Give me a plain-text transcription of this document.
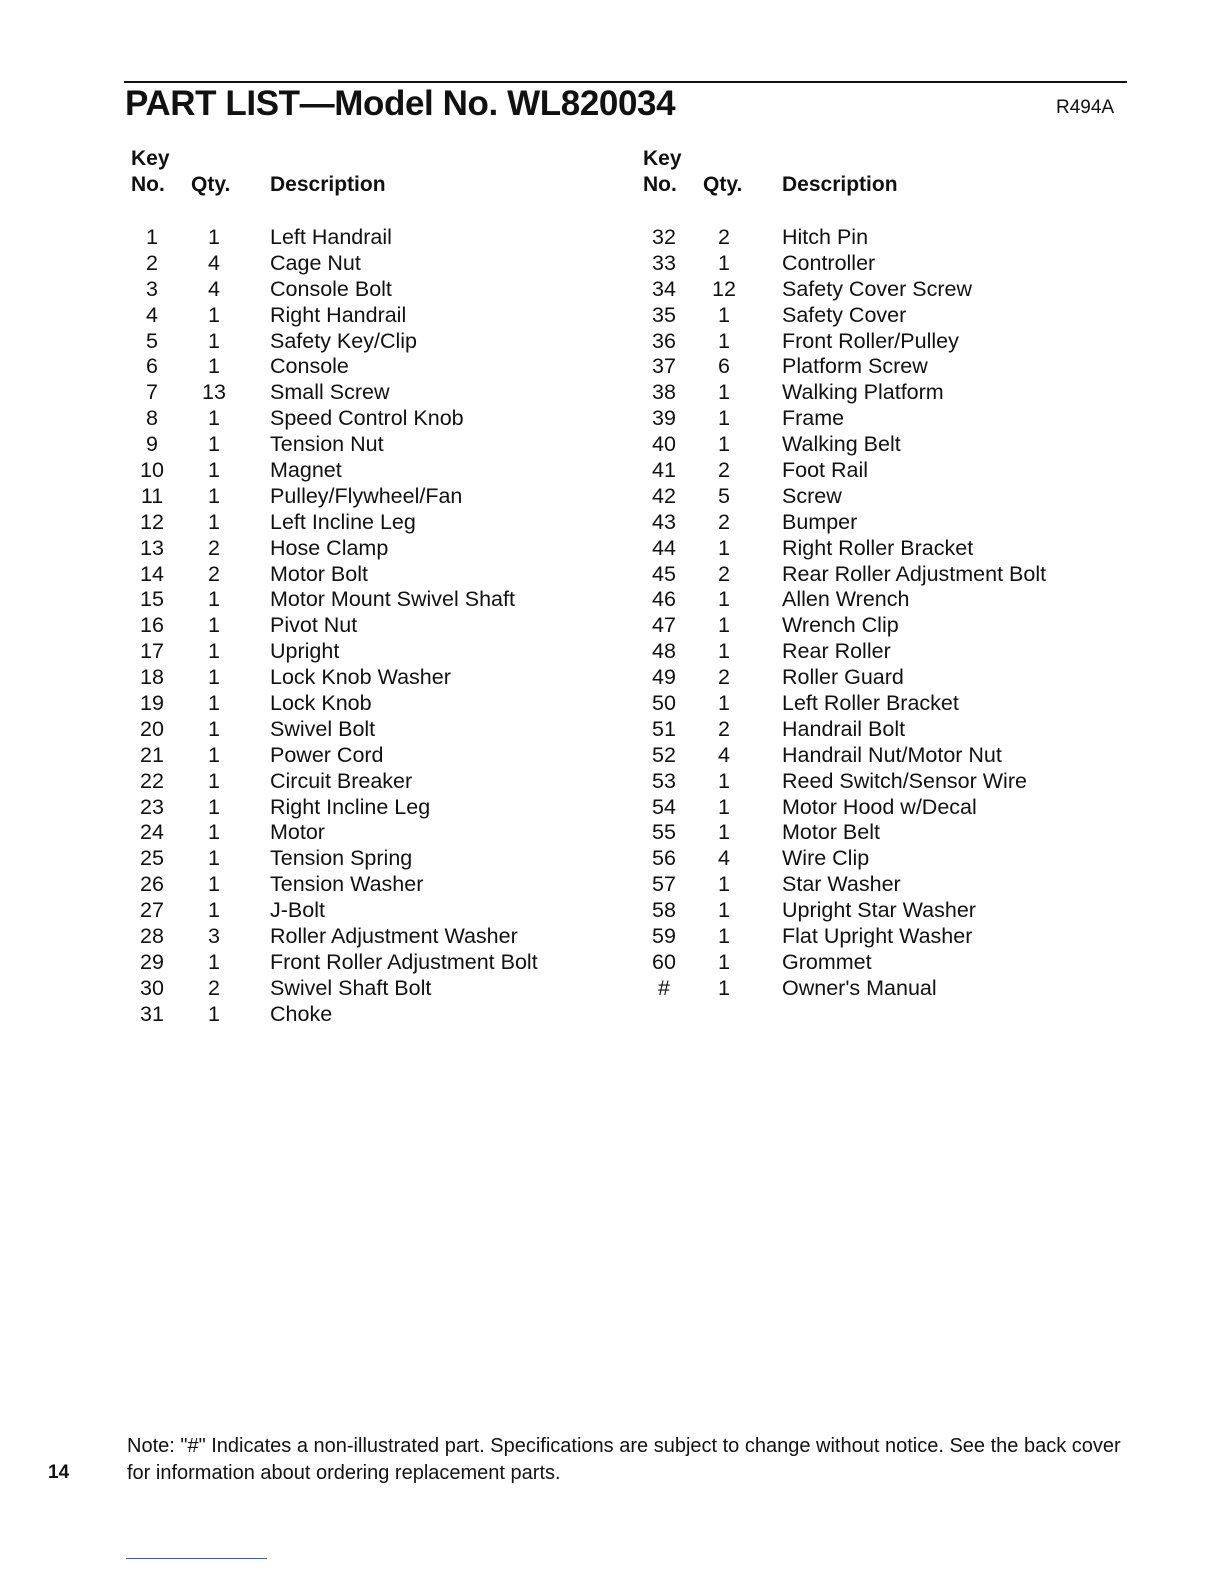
PART LIST—Model No. WL820034	R494A
Key
No. Qty. Description
1	1	Left Handrail
2	4	Cage Nut
3	4	Console Bolt
4	1	Right Handrail
5	1	Safety Key/Clip
6	1	Console
7	13	Small Screw
8	1	Speed Control Knob
9	1	Tension Nut
10	1	Magnet
11	1	Pulley/Flywheel/Fan
12	1	Left Incline Leg
13	2	Hose Clamp
14	2	Motor Bolt
15	1	Motor Mount Swivel Shaft
16	1	Pivot Nut
17	1	Upright
18	1	Lock Knob Washer
19	1	Lock Knob
20	1	Swivel Bolt
21	1	Power Cord
22	1	Circuit Breaker
23	1	Right Incline Leg
24	1	Motor
25	1	Tension Spring
26	1	Tension Washer
27	1	J-Bolt
28	3	Roller Adjustment Washer
29	1	Front Roller Adjustment Bolt
30	2	Swivel Shaft Bolt
31	1	Choke
Key
No. Qty. Description
32	2	Hitch Pin
33	1	Controller
34	12	Safety Cover Screw
35	1	Safety Cover
36	1	Front Roller/Pulley
37	6	Platform Screw
38	1	Walking Platform
39	1	Frame
40	1	Walking Belt
41	2	Foot Rail
42	5	Screw
43	2	Bumper
44	1	Right Roller Bracket
45	2	Rear Roller Adjustment Bolt
46	1	Allen Wrench
47	1	Wrench Clip
48	1	Rear Roller
49	2	Roller Guard
50	1	Left Roller Bracket
51	2	Handrail Bolt
52	4	Handrail Nut/Motor Nut
53	1	Reed Switch/Sensor Wire
54	1	Motor Hood w/Decal
55	1	Motor Belt
56	4	Wire Clip
57	1	Star Washer
58	1	Upright Star Washer
59	1	Flat Upright Washer
60	1	Grommet
#	1	Owner's Manual
Note: "#" Indicates a non-illustrated part. Specifications are subject to change without notice. See the back cover for information about ordering replacement parts.
14
